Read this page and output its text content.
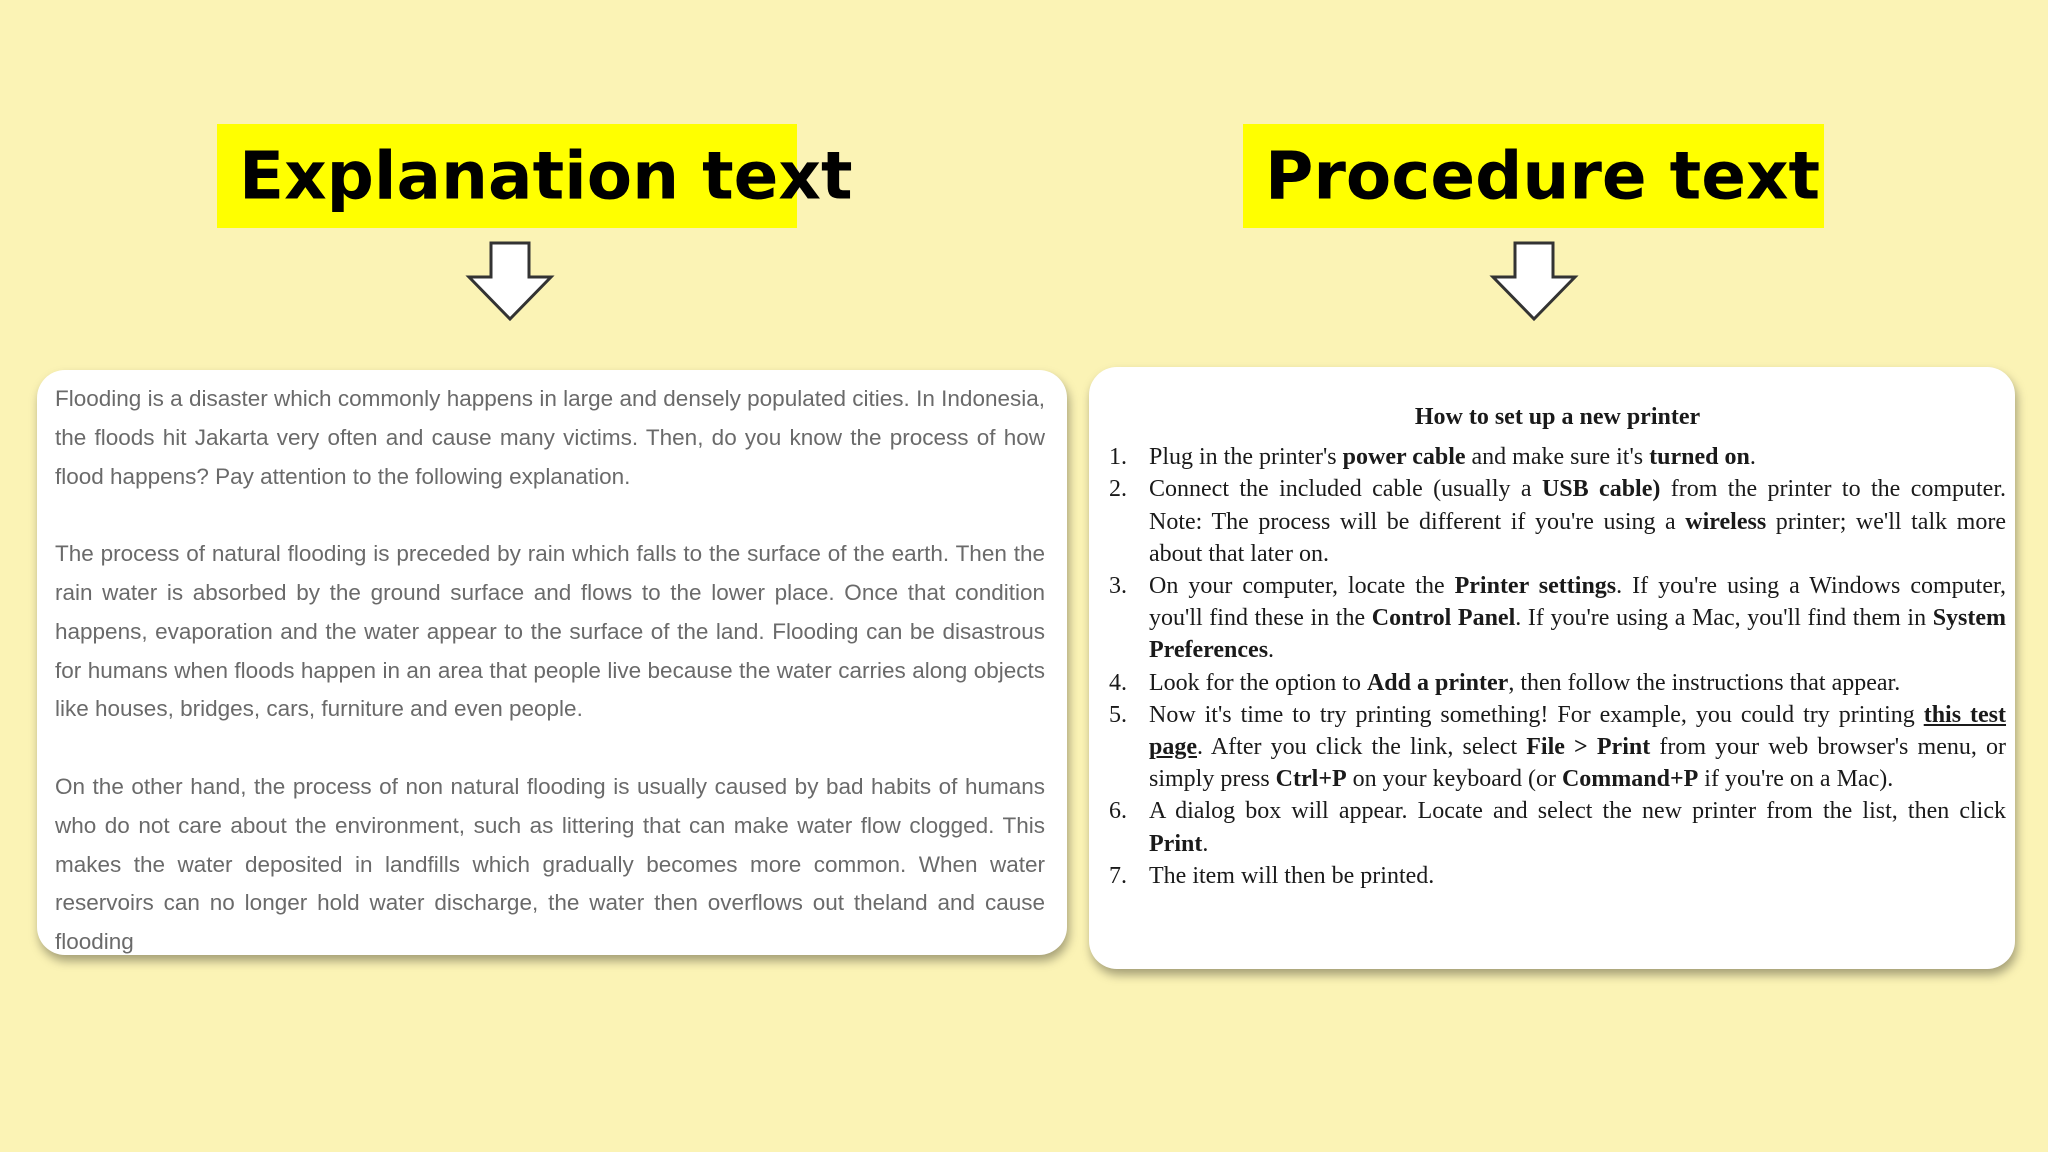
Explanation text	Procedure text

Flooding is a disaster which commonly happens in large and densely populated cities. In Indonesia, the floods hit Jakarta very often and cause many victims. Then, do you know the process of how flood happens? Pay attention to the following explanation.

The process of natural flooding is preceded by rain which falls to the surface of the earth. Then the rain water is absorbed by the ground surface and flows to the lower place. Once that condition happens, evaporation and the water appear to the surface of the land. Flooding can be disastrous for humans when floods happen in an area that people live because the water carries along objects like houses, bridges, cars, furniture and even people.

On the other hand, the process of non natural flooding is usually caused by bad habits of humans who do not care about the environment, such as littering that can make water flow clogged. This makes the water deposited in landfills which gradually becomes more common. When water reservoirs can no longer hold water discharge, the water then overflows out theland and cause flooding

How to set up a new printer
1. Plug in the printer's power cable and make sure it's turned on.
2. Connect the included cable (usually a USB cable) from the printer to the computer. Note: The process will be different if you're using a wireless printer; we'll talk more about that later on.
3. On your computer, locate the Printer settings. If you're using a Windows computer, you'll find these in the Control Panel. If you're using a Mac, you'll find them in System Preferences.
4. Look for the option to Add a printer, then follow the instructions that appear.
5. Now it's time to try printing something! For example, you could try printing this test page. After you click the link, select File > Print from your web browser's menu, or simply press Ctrl+P on your keyboard (or Command+P if you're on a Mac).
6. A dialog box will appear. Locate and select the new printer from the list, then click Print.
7. The item will then be printed.
